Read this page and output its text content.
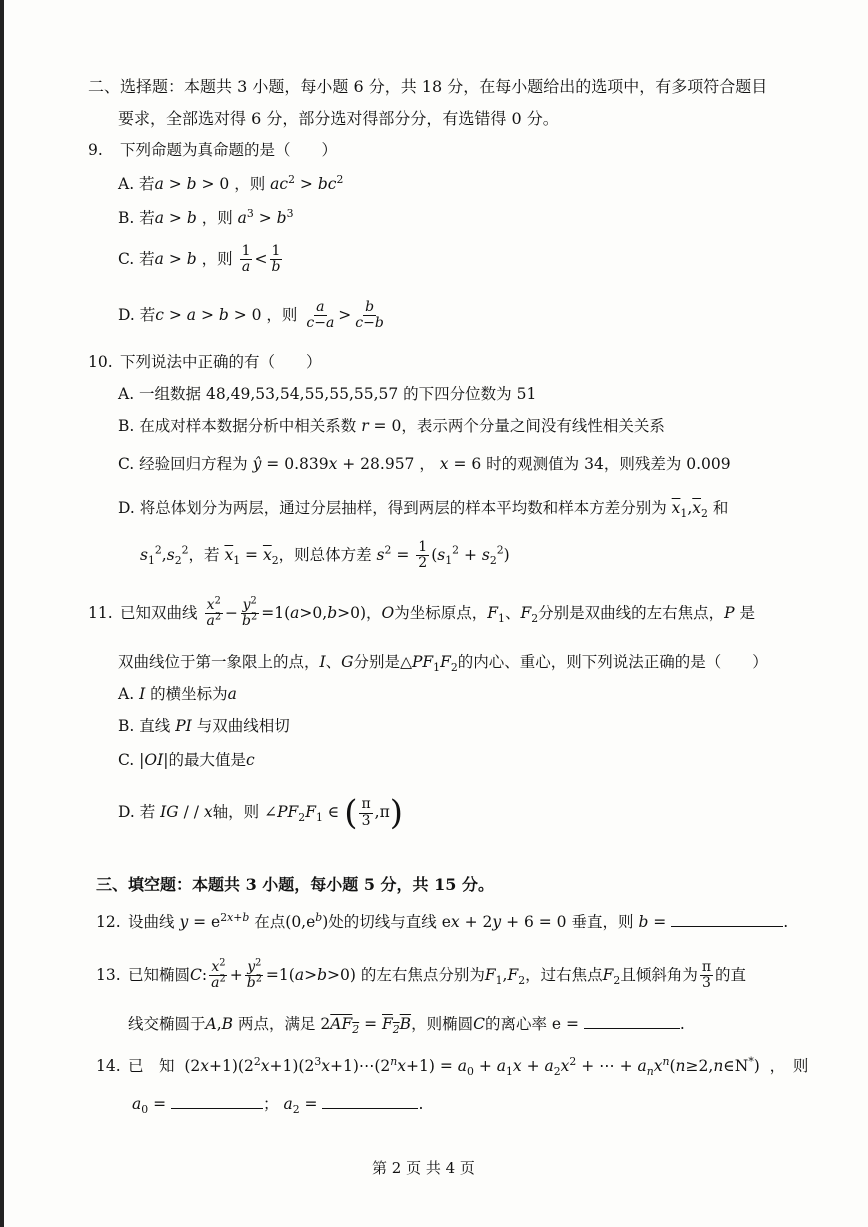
二、选择题：本题共 3 小题，每小题 6 分，共 18 分，在每小题给出的选项中，有多项符合题目
要求，全部选对得 6 分，部分选对得部分分，有选错得 0 分。
9. 下列命题为真命题的是（　　）
A. 若a > b > 0 ，则 $ac^2 > bc^2$
B. 若a > b ，则 $a^3 > b^3$
C. 若a > b ，则 $\frac{1}{a} < \frac{1}{b}$
D. 若c > a > b > 0 ，则 $\frac{a}{c-a} > \frac{b}{c-b}$
10. 下列说法中正确的有（　　）
A. 一组数据 48,49,53,54,55,55,55,57 的下四分位数为 51
B. 在成对样本数据分析中相关系数 r = 0，表示两个分量之间没有线性相关关系
C. 经验回归方程为 ŷ = 0.839x + 28.957 ， x = 6 时的观测值为 34，则残差为 0.009
D. 将总体划分为两层，通过分层抽样，得到两层的样本平均数和样本方差分别为 $\overline{x}_1,\overline{x}_2$ 和
$s_1^2,s_2^2$，若 $\overline{x}_1 = \overline{x}_2$，则总体方差 $s^2 = \frac{1}{2} (s_1^2 + s_2^2)$
11. 已知双曲线 $\frac{x^2}{a^2} - \frac{y^2}{b^2} =1(a>0,b>0)$，O为坐标原点，$F_1$、$F_2$分别是双曲线的左右焦点，P 是
双曲线位于第一象限上的点，I、G分别是$\triangle PF_1F_2$的内心、重心，则下列说法正确的是（　　）
A. I 的横坐标为a
B. 直线 PI 与双曲线相切
C. |OI|的最大值是c
D. 若 IG / / x轴，则 $\angle PF_2F_1$ ∈ ( $\frac{\pi}{3} ,\pi$)
三、填空题：本题共 3 小题，每小题 5 分，共 15 分。
12. 设曲线 $y = e^{2x+b}$ 在点$(0,e^b)$处的切线与直线 ex + 2y + 6 = 0 垂直，则 b =	.
13. 已知椭圆C: $\frac{x^2}{a^2} + \frac{y^2}{b^2} =1(a>b>0)$ 的左右焦点分别为$F_1,F_2$，过右焦点$F_2$且倾斜角为 $\frac{\pi}{3}$ 的直
线交椭圆于A,B 两点，满足 $2AF_2 = F_2B$，则椭圆C的离心率 e =	.
14. 已　知  $(2x+1)(2^2x+1)(2^3x+1)\cdots(2^nx+1) = a_0 + a_1x + a_2x^2$ + ⋯ + $a_nx^n(n\ge 2,n\in N^*)$  ，　则
$a_0$ =	； $a_2$ =	.
第 2 页 共 4 页
